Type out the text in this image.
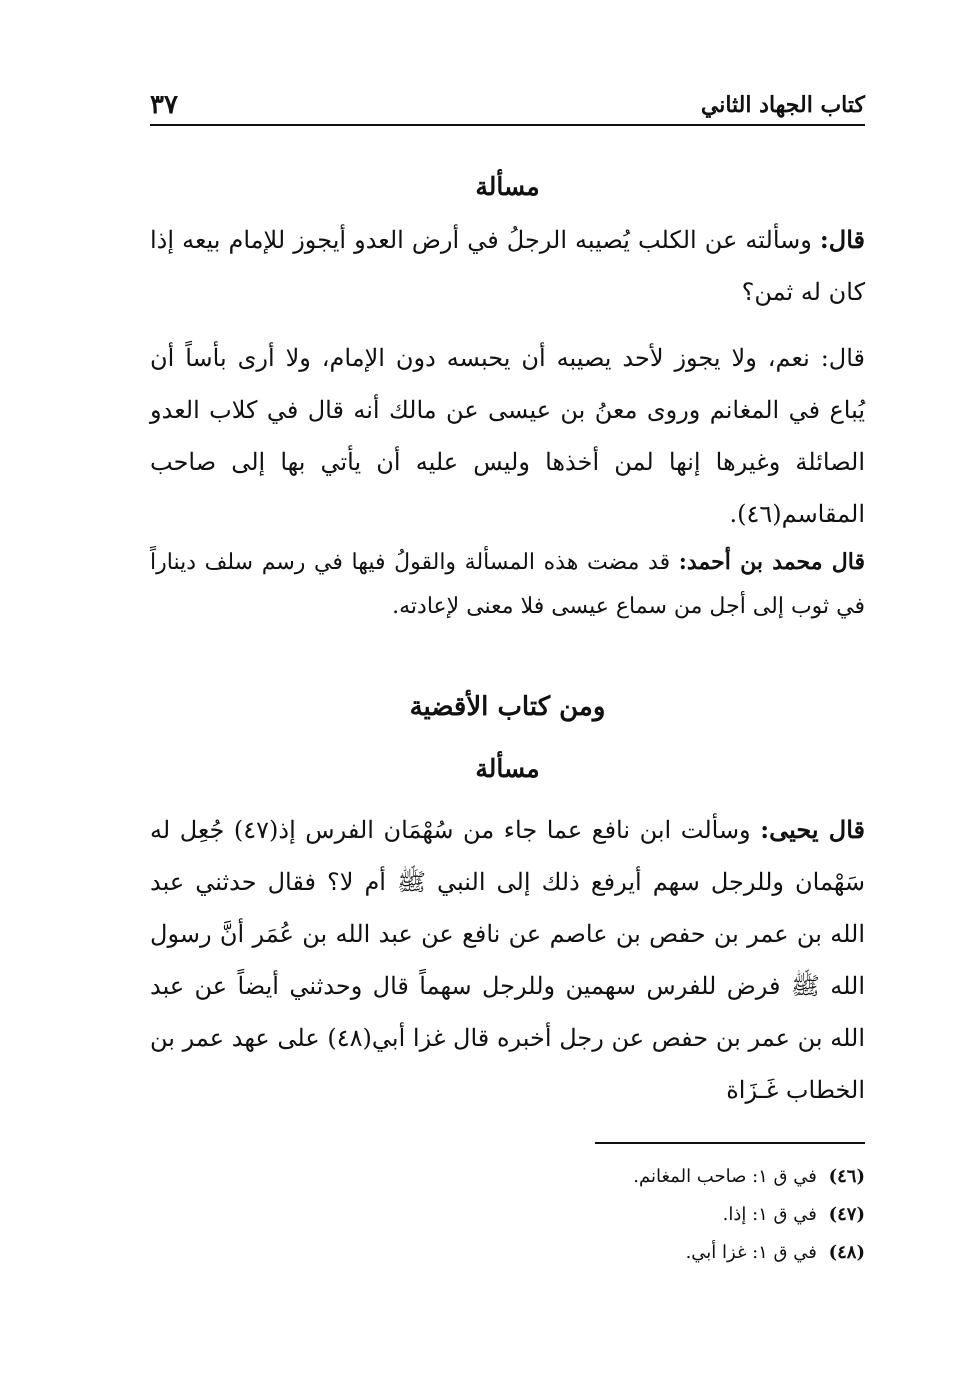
كتاب الجهاد الثاني
٣٧
مسألة

قال: وسألته عن الكلب يُصيبه الرجلُ في أرض العدو أيجوز للإمام بيعه إذا كان له ثمن؟

قال: نعم، ولا يجوز لأحد يصيبه أن يحبسه دون الإمام، ولا أرى بأساً أن يُباع في المغانم وروى معنُ بن عيسى عن مالك أنه قال في كلاب العدو الصائلة وغيرها إنها لمن أخذها وليس عليه أن يأتي بها إلى صاحب المقاسم(٤٦).

قال محمد بن أحمد: قد مضت هذه المسألة والقولُ فيها في رسم سلف ديناراً في ثوب إلى أجل من سماع عيسى فلا معنى لإعادته.

ومن كتاب الأقضية
مسألة

قال يحيى: وسألت ابن نافع عما جاء من سُهْمَان الفرس إذ(٤٧) جُعِل له سَهْمان وللرجل سهم أيرفع ذلك إلى النبي ﷺ أم لا؟ فقال حدثني عبد الله بن عمر بن حفص بن عاصم عن نافع عن عبد الله بن عُمَر أنَّ رسول الله ﷺ فرض للفرس سهمين وللرجل سهماً قال وحدثني أيضاً عن عبد الله بن عمر بن حفص عن رجل أخبره قال غزا أبي(٤٨) على عهد عمر بن الخطاب غَـزَاة

(٤٦) في ق ١: صاحب المغانم.
(٤٧) في ق ١: إذا.
(٤٨) في ق ١: غزا أبي.
